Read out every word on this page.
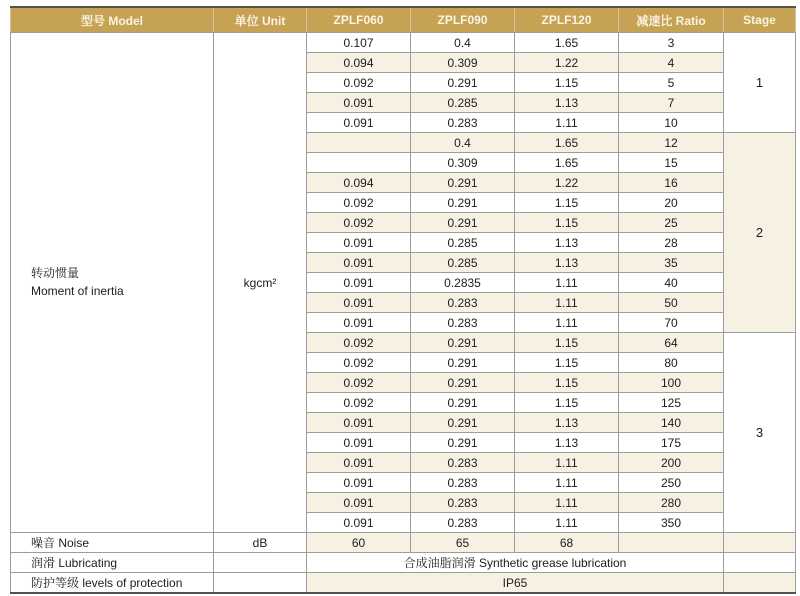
型号 Model	单位 Unit	ZPLF060	ZPLF090	ZPLF120	减速比 Ratio	Stage

转动惯量
Moment of inertia	kgcm²	0.107	0.4	1.65	3	1
		0.094	0.309	1.22	4	
		0.092	0.291	1.15	5	
		0.091	0.285	1.13	7	
		0.091	0.283	1.11	10	
			0.4	1.65	12	2
			0.309	1.65	15	
		0.094	0.291	1.22	16	
		0.092	0.291	1.15	20	
		0.092	0.291	1.15	25	
		0.091	0.285	1.13	28	
		0.091	0.285	1.13	35	
		0.091	0.2835	1.11	40	
		0.091	0.283	1.11	50	
		0.091	0.283	1.11	70	
		0.092	0.291	1.15	64	3
		0.092	0.291	1.15	80	
		0.092	0.291	1.15	100	
		0.092	0.291	1.15	125	
		0.091	0.291	1.13	140	
		0.091	0.291	1.13	175	
		0.091	0.283	1.11	200	
		0.091	0.283	1.11	250	
		0.091	0.283	1.11	280	
		0.091	0.283	1.11	350	
噪音 Noise	dB	60	65	68		
润滑 Lubricating		合成油脂润滑 Synthetic grease lubrication				
防护等级 levels of protection		IP65				
